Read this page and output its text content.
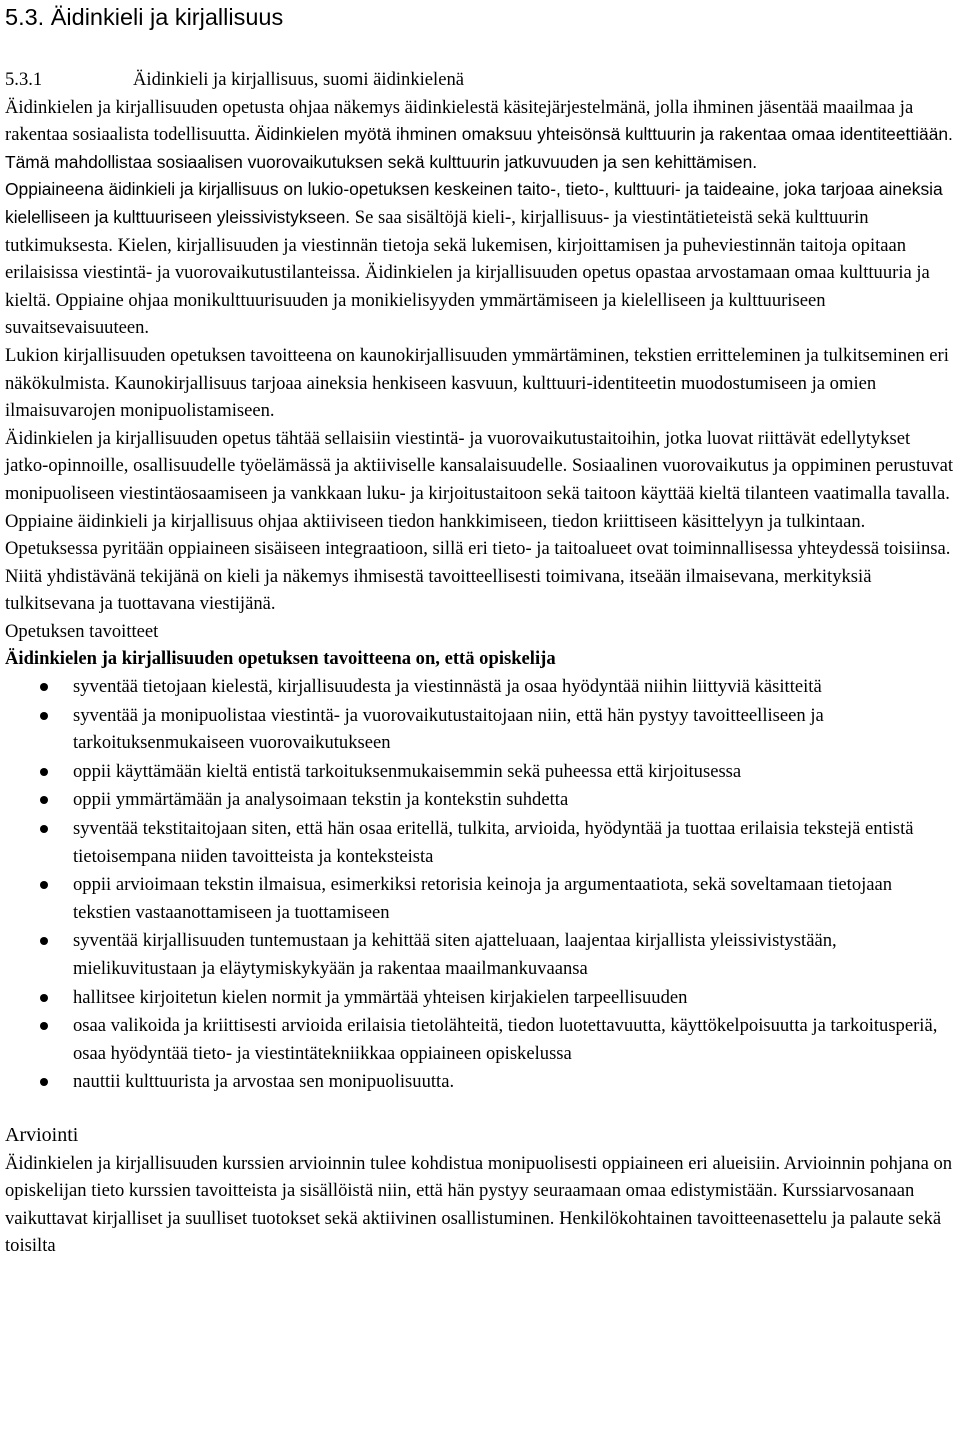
5.3. Äidinkieli ja kirjallisuus
5.3.1	Äidinkieli ja kirjallisuus, suomi äidinkielenä

Äidinkielen ja kirjallisuuden opetusta ohjaa näkemys äidinkielestä käsitejärjestelmänä, jolla ihminen jäsentää maailmaa ja rakentaa sosiaalista todellisuutta. Äidinkielen myötä ihminen omaksuu yhteisönsä kulttuurin ja rakentaa omaa identiteettiään. Tämä mahdollistaa sosiaalisen vuorovaikutuksen sekä kulttuurin jatkuvuuden ja sen kehittämisen.

Oppiaineena äidinkieli ja kirjallisuus on lukio-opetuksen keskeinen taito-, tieto-, kulttuuri- ja taideaine, joka tarjoaa aineksia kielelliseen ja kulttuuriseen yleissivistykseen. Se saa sisältöjä kieli-, kirjallisuus- ja viestintätieteistä sekä kulttuurin tutkimuksesta. Kielen, kirjallisuuden ja viestinnän tietoja sekä lukemisen, kirjoittamisen ja puheviestinnän taitoja opitaan erilaisissa viestintä- ja vuorovaikutustilanteissa. Äidinkielen ja kirjallisuuden opetus opastaa arvostamaan omaa kulttuuria ja kieltä. Oppiaine ohjaa monikulttuurisuuden ja monikielisyyden ymmärtämiseen ja kielelliseen ja kulttuuriseen suvaitsevaisuuteen.

Lukion kirjallisuuden opetuksen tavoitteena on kaunokirjallisuuden ymmärtäminen, tekstien erritteleminen ja tulkitseminen eri näkökulmista. Kaunokirjallisuus tarjoaa aineksia henkiseen kasvuun, kulttuuri-identiteetin muodostumiseen ja omien ilmaisuvarojen monipuolistamiseen.

Äidinkielen ja kirjallisuuden opetus tähtää sellaisiin viestintä- ja vuorovaikutustaitoihin, jotka luovat riittävät edellytykset jatko-opinnoille, osallisuudelle työelämässä ja aktiiviselle kansalaisuudelle. Sosiaalinen vuorovaikutus ja oppiminen perustuvat monipuoliseen viestintäosaamiseen ja vankkaan luku- ja kirjoitustaitoon sekä taitoon käyttää kieltä tilanteen vaatimalla tavalla. Oppiaine äidinkieli ja kirjallisuus ohjaa aktiiviseen tiedon hankkimiseen, tiedon kriittiseen käsittelyyn ja tulkintaan.

Opetuksessa pyritään oppiaineen sisäiseen integraatioon, sillä eri tieto- ja taitoalueet ovat toiminnallisessa yhteydessä toisiinsa. Niitä yhdistävänä tekijänä on kieli ja näkemys ihmisestä tavoitteellisesti toimivana, itseään ilmaisevana, merkityksiä tulkitsevana ja tuottavana viestijänä.

Opetuksen tavoitteet

Äidinkielen ja kirjallisuuden opetuksen tavoitteena on, että opiskelija

syventää tietojaan kielestä, kirjallisuudesta ja viestinnästä ja osaa hyödyntää niihin liittyviä käsitteitä
syventää ja monipuolistaa viestintä- ja vuorovaikutustaitojaan niin, että hän pystyy tavoitteelliseen ja tarkoituksenmukaiseen vuorovaikutukseen
oppii käyttämään kieltä entistä tarkoituksenmukaisemmin sekä puheessa että kirjoitusessa
oppii ymmärtämään ja analysoimaan tekstin ja kontekstin suhdetta
syventää tekstitaitojaan siten, että hän osaa eritellä, tulkita, arvioida, hyödyntää ja tuottaa erilaisia tekstejä entistä tietoisempana niiden tavoitteista ja konteksteista
oppii arvioimaan tekstin ilmaisua, esimerkiksi retorisia keinoja ja argumentaatiota, sekä soveltamaan tietojaan tekstien vastaanottamiseen ja tuottamiseen
syventää kirjallisuuden tuntemustaan ja kehittää siten ajatteluaan, laajentaa kirjallista yleissivistystään, mielikuvitustaan ja eläytymiskykyään ja rakentaa maailmankuvaansa
hallitsee kirjoitetun kielen normit ja ymmärtää yhteisen kirjakielen tarpeellisuuden
osaa valikoida ja kriittisesti arvioida erilaisia tietolähteitä, tiedon luotettavuutta, käyttökelpoisuutta ja tarkoitusperiä, osaa hyödyntää tieto- ja viestintätekniikkaa oppiaineen opiskelussa
nauttii kulttuurista ja arvostaa sen monipuolisuutta.

Arviointi

Äidinkielen ja kirjallisuuden kurssien arvioinnin tulee kohdistua monipuolisesti oppiaineen eri alueisiin. Arvioinnin pohjana on opiskelijan tieto kurssien tavoitteista ja sisällöistä niin, että hän pystyy seuraamaan omaa edistymistään. Kurssiarvosanaan vaikuttavat kirjalliset ja suulliset tuotokset sekä aktiivinen osallistuminen. Henkilökohtainen tavoitteenasettelu ja palaute sekä toisilta
